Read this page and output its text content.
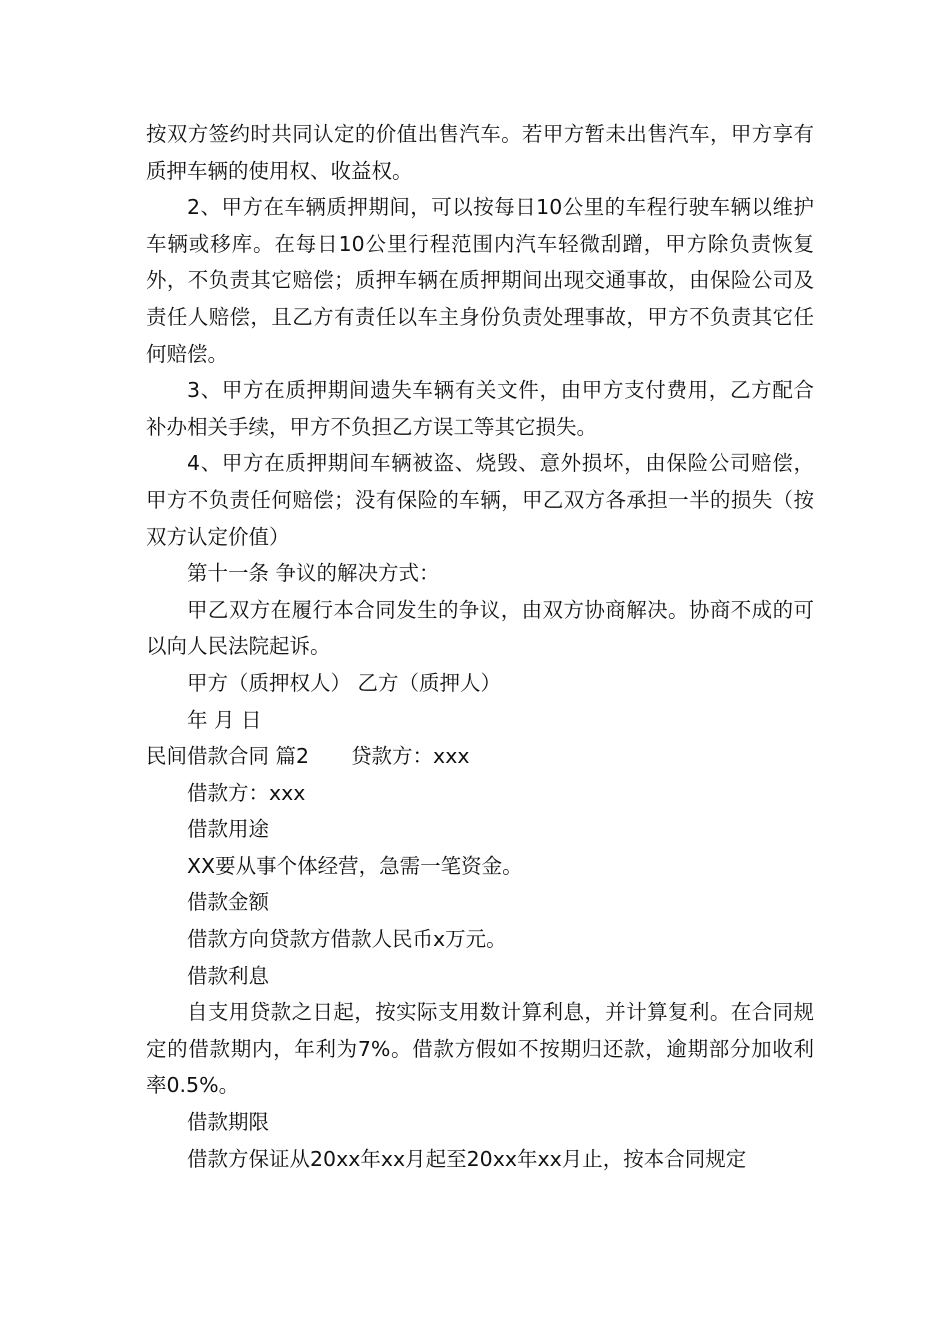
按双方签约时共同认定的价值出售汽车。若甲方暂未出售汽车，甲方享有质押车辆的使用权、收益权。

2、甲方在车辆质押期间，可以按每日10公里的车程行驶车辆以维护车辆或移库。在每日10公里行程范围内汽车轻微刮蹭，甲方除负责恢复外，不负责其它赔偿；质押车辆在质押期间出现交通事故，由保险公司及责任人赔偿，且乙方有责任以车主身份负责处理事故，甲方不负责其它任何赔偿。

3、甲方在质押期间遗失车辆有关文件，由甲方支付费用，乙方配合补办相关手续，甲方不负担乙方误工等其它损失。

4、甲方在质押期间车辆被盗、烧毁、意外损坏，由保险公司赔偿，甲方不负责任何赔偿；没有保险的车辆，甲乙双方各承担一半的损失（按双方认定价值）

第十一条 争议的解决方式：

甲乙双方在履行本合同发生的争议，由双方协商解决。协商不成的可以向人民法院起诉。

甲方（质押权人） 乙方（质押人）

年 月 日

民间借款合同 篇2 贷款方：xxx

借款方：xxx

借款用途

XX要从事个体经营，急需一笔资金。

借款金额

借款方向贷款方借款人民币x万元。

借款利息

自支用贷款之日起，按实际支用数计算利息，并计算复利。在合同规定的借款期内，年利为7%。借款方假如不按期归还款，逾期部分加收利率0.5%。

借款期限

借款方保证从20xx年xx月起至20xx年xx月止，按本合同规定
